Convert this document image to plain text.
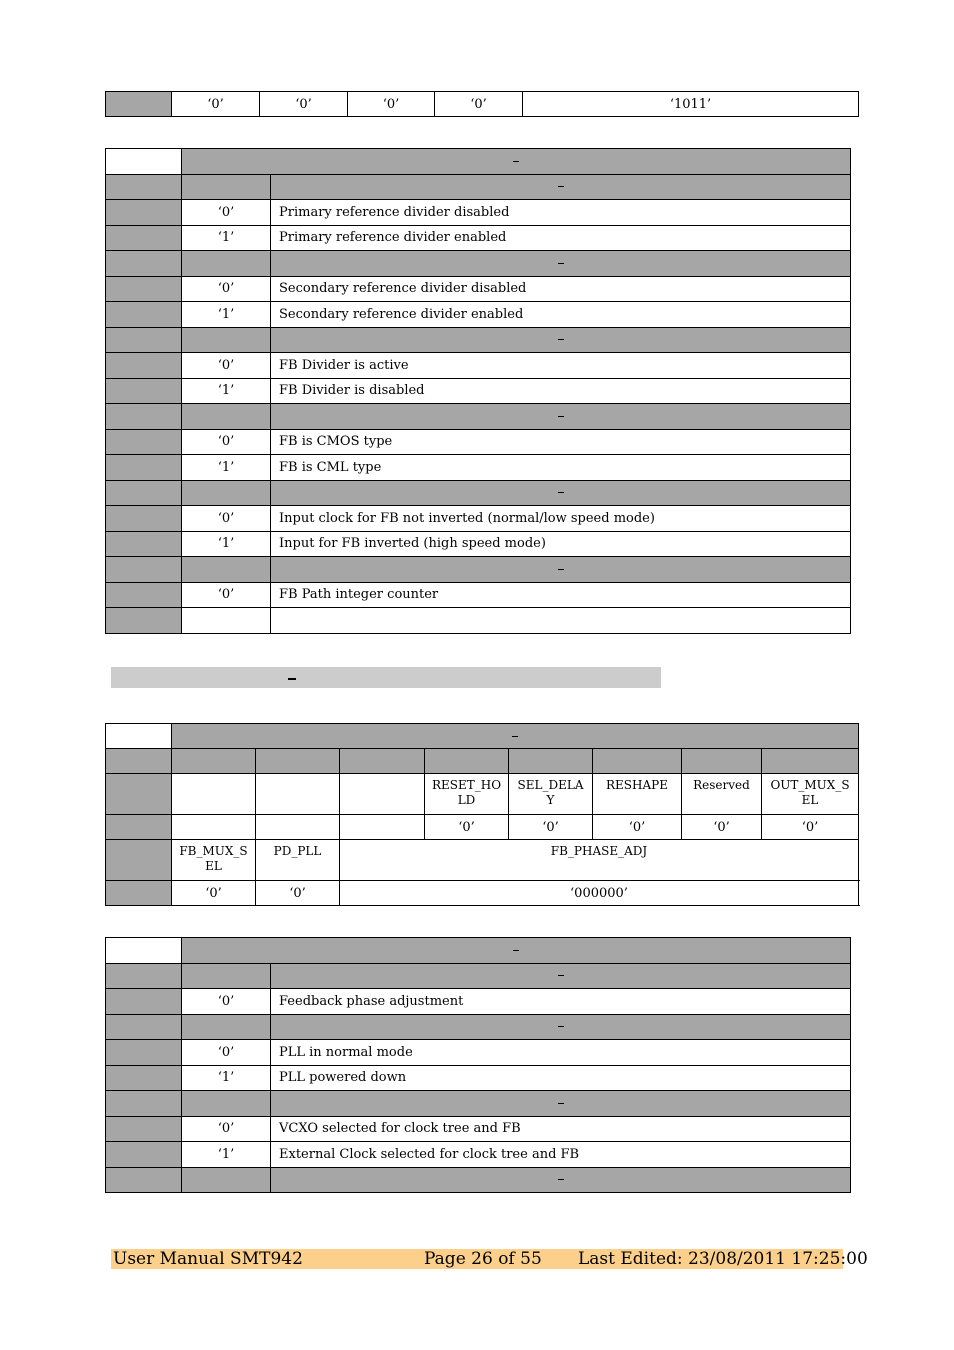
	‘0’	‘0’	‘0’	‘0’	‘1011’

	‘0’	Primary reference divider disabled
	‘1’	Primary reference divider enabled

	‘0’	Secondary reference divider disabled
	‘1’	Secondary reference divider enabled

	‘0’	FB Divider is active
	‘1’	FB Divider is disabled

	‘0’	FB is CMOS type
	‘1’	FB is CML type

	‘0’	Input clock for FB not inverted (normal/low speed mode)
	‘1’	Input for FB inverted (high speed mode)

	‘0’	FB Path integer counter

				RESET_HO LD	SEL_DELA Y	RESHAPE	Reserved	OUT_MUX_S EL
				‘0’	‘0’	‘0’	‘0’	‘0’
	FB_MUX_S EL	PD_PLL	FB_PHASE_ADJ					
	‘0’	‘0’	‘000000’					

	‘0’	Feedback phase adjustment

	‘0’	PLL in normal mode
	‘1’	PLL powered down

	‘0’	VCXO selected for clock tree and FB
	‘1’	External Clock selected for clock tree and FB

User Manual SMT942	Page 26 of 55 Last Edited: 23/08/2011 17:25:00
